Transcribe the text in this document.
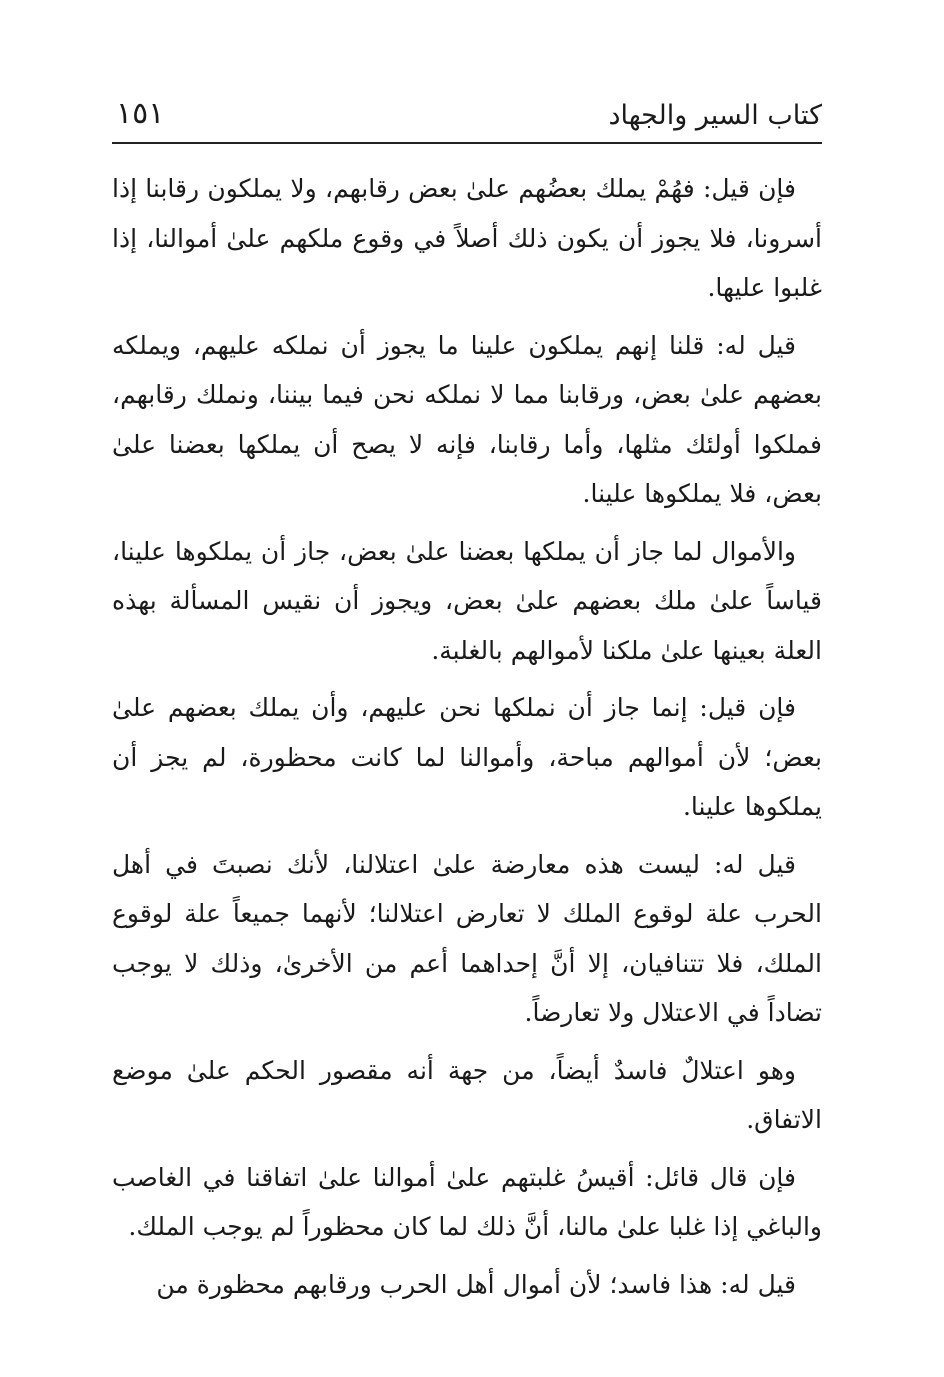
كتاب السير والجهاد
١٥١

فإن قيل: فهُمْ يملك بعضُهم علىٰ بعض رقابهم، ولا يملكون رقابنا إذا أسرونا، فلا يجوز أن يكون ذلك أصلاً في وقوع ملكهم علىٰ أموالنا، إذا غلبوا عليها.

قيل له: قلنا إنهم يملكون علينا ما يجوز أن نملكه عليهم، ويملكه بعضهم علىٰ بعض، ورقابنا مما لا نملكه نحن فيما بيننا، ونملك رقابهم، فملكوا أولئك مثلها، وأما رقابنا، فإنه لا يصح أن يملكها بعضنا علىٰ بعض، فلا يملكوها علينا.

والأموال لما جاز أن يملكها بعضنا علىٰ بعض، جاز أن يملكوها علينا، قياساً علىٰ ملك بعضهم علىٰ بعض، ويجوز أن نقيس المسألة بهذه العلة بعينها علىٰ ملكنا لأموالهم بالغلبة.

فإن قيل: إنما جاز أن نملكها نحن عليهم، وأن يملك بعضهم علىٰ بعض؛ لأن أموالهم مباحة، وأموالنا لما كانت محظورة، لم يجز أن يملكوها علينا.

قيل له: ليست هذه معارضة علىٰ اعتلالنا، لأنك نصبتَ في أهل الحرب علة لوقوع الملك لا تعارض اعتلالنا؛ لأنهما جميعاً علة لوقوع الملك، فلا تتنافيان، إلا أنَّ إحداهما أعم من الأخرىٰ، وذلك لا يوجب تضاداً في الاعتلال ولا تعارضاً.

وهو اعتلالٌ فاسدٌ أيضاً، من جهة أنه مقصور الحكم علىٰ موضع الاتفاق.

فإن قال قائل: أقيسُ غلبتهم علىٰ أموالنا علىٰ اتفاقنا في الغاصب والباغي إذا غلبا علىٰ مالنا، أنَّ ذلك لما كان محظوراً لم يوجب الملك.

قيل له: هذا فاسد؛ لأن أموال أهل الحرب ورقابهم محظورة من
